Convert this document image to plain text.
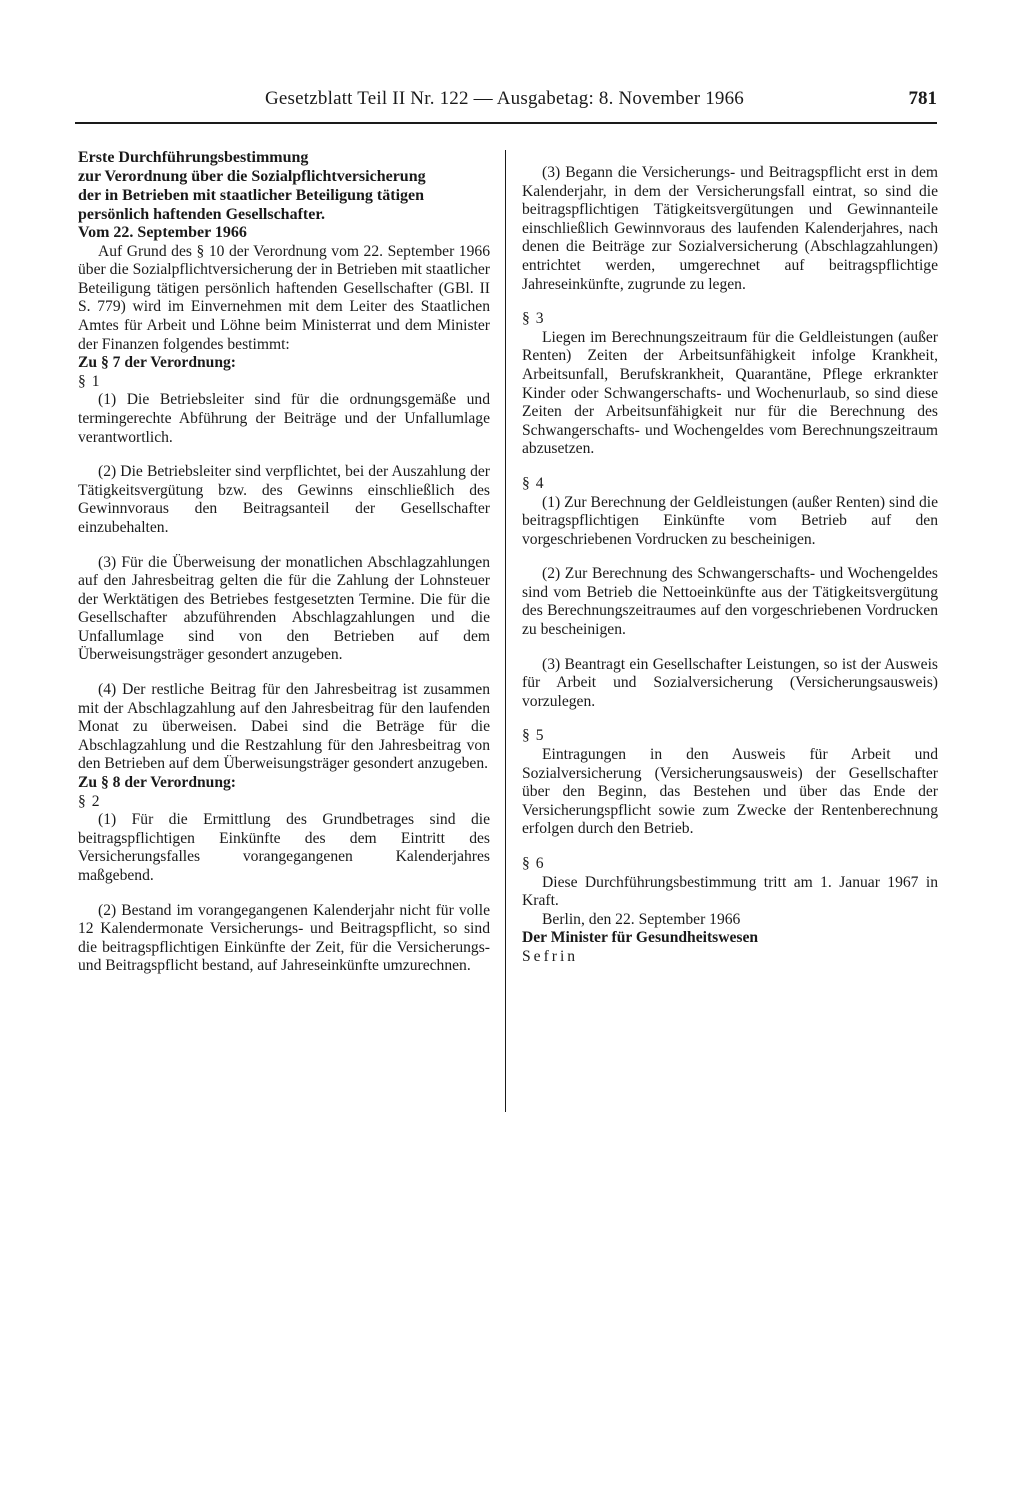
Gesetzblatt Teil II Nr. 122 — Ausgabetag: 8. November 1966	781

Erste Durchführungsbestimmung

zur Verordnung über die Sozialpflichtversicherung

der in Betrieben mit staatlicher Beteiligung tätigen

persönlich haftenden Gesellschafter.

Vom 22. September 1966

Auf Grund des § 10 der Verordnung vom 22. September 1966 über die Sozialpflichtversicherung der in Betrieben mit staatlicher Beteiligung tätigen persönlich haftenden Gesellschafter (GBl. II S. 779) wird im Einvernehmen mit dem Leiter des Staatlichen Amtes für Arbeit und Löhne beim Ministerrat und dem Minister der Finanzen folgendes bestimmt:

Zu § 7 der Verordnung:

§ 1

(1) Die Betriebsleiter sind für die ordnungsgemäße und termingerechte Abführung der Beiträge und der Unfallumlage verantwortlich.

(2) Die Betriebsleiter sind verpflichtet, bei der Auszahlung der Tätigkeitsvergütung bzw. des Gewinns einschließlich des Gewinnvoraus den Beitragsanteil der Gesellschafter einzubehalten.

(3) Für die Überweisung der monatlichen Abschlagzahlungen auf den Jahresbeitrag gelten die für die Zahlung der Lohnsteuer der Werktätigen des Betriebes festgesetzten Termine. Die für die Gesellschafter abzuführenden Abschlagzahlungen und die Unfallumlage sind von den Betrieben auf dem Überweisungsträger gesondert anzugeben.

(4) Der restliche Beitrag für den Jahresbeitrag ist zusammen mit der Abschlagzahlung auf den Jahresbeitrag für den laufenden Monat zu überweisen. Dabei sind die Beträge für die Abschlagzahlung und die Restzahlung für den Jahresbeitrag von den Betrieben auf dem Überweisungsträger gesondert anzugeben.

Zu § 8 der Verordnung:

§ 2

(1) Für die Ermittlung des Grundbetrages sind die beitragspflichtigen Einkünfte des dem Eintritt des Versicherungsfalles vorangegangenen Kalenderjahres maßgebend.

(2) Bestand im vorangegangenen Kalenderjahr nicht für volle 12 Kalendermonate Versicherungs- und Beitragspflicht, so sind die beitragspflichtigen Einkünfte der Zeit, für die Versicherungs- und Beitragspflicht bestand, auf Jahreseinkünfte umzurechnen.

(3) Begann die Versicherungs- und Beitragspflicht erst in dem Kalenderjahr, in dem der Versicherungsfall eintrat, so sind die beitragspflichtigen Tätigkeitsvergütungen und Gewinnanteile einschließlich Gewinnvoraus des laufenden Kalenderjahres, nach denen die Beiträge zur Sozialversicherung (Abschlagzahlungen) entrichtet werden, umgerechnet auf beitragspflichtige Jahreseinkünfte, zugrunde zu legen.

§ 3

Liegen im Berechnungszeitraum für die Geldleistungen (außer Renten) Zeiten der Arbeitsunfähigkeit infolge Krankheit, Arbeitsunfall, Berufskrankheit, Quarantäne, Pflege erkrankter Kinder oder Schwangerschafts- und Wochenurlaub, so sind diese Zeiten der Arbeitsunfähigkeit nur für die Berechnung des Schwangerschafts- und Wochengeldes vom Berechnungszeitraum abzusetzen.

§ 4

(1) Zur Berechnung der Geldleistungen (außer Renten) sind die beitragspflichtigen Einkünfte vom Betrieb auf den vorgeschriebenen Vordrucken zu bescheinigen.

(2) Zur Berechnung des Schwangerschafts- und Wochengeldes sind vom Betrieb die Nettoeinkünfte aus der Tätigkeitsvergütung des Berechnungszeitraumes auf den vorgeschriebenen Vordrucken zu bescheinigen.

(3) Beantragt ein Gesellschafter Leistungen, so ist der Ausweis für Arbeit und Sozialversicherung (Versicherungsausweis) vorzulegen.

§ 5

Eintragungen in den Ausweis für Arbeit und Sozialversicherung (Versicherungsausweis) der Gesellschafter über den Beginn, das Bestehen und über das Ende der Versicherungspflicht sowie zum Zwecke der Rentenberechnung erfolgen durch den Betrieb.

§ 6

Diese Durchführungsbestimmung tritt am 1. Januar 1967 in Kraft.

Berlin, den 22. September 1966

Der Minister für Gesundheitswesen

Sefrin
